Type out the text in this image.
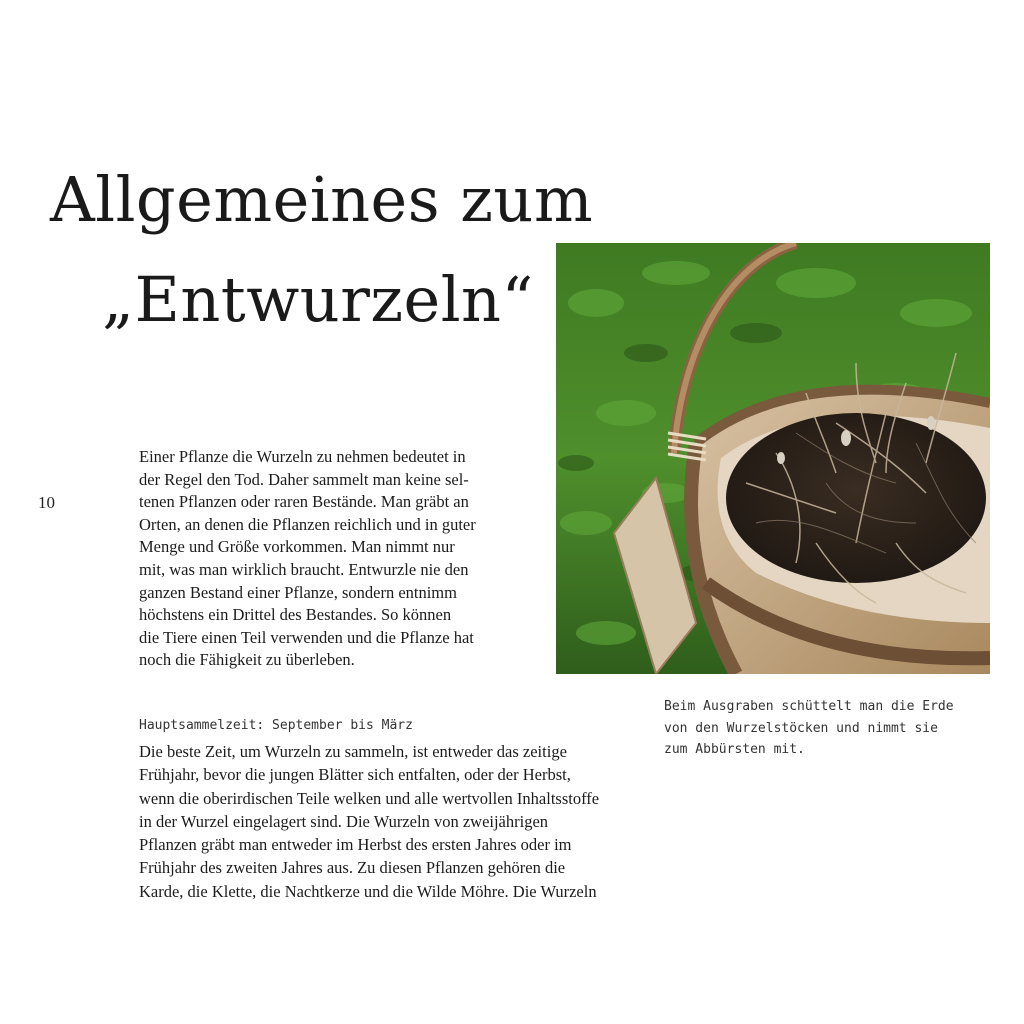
Allgemeines zum
„Entwurzeln“
10

Einer Pflanze die Wurzeln zu nehmen bedeutet in
der Regel den Tod. Daher sammelt man keine sel-
tenen Pflanzen oder raren Bestände. Man gräbt an
Orten, an denen die Pflanzen reichlich und in guter
Menge und Größe vorkommen. Man nimmt nur
mit, was man wirklich braucht. Entwurzle nie den
ganzen Bestand einer Pflanze, sondern entnimm
höchstens ein Drittel des Bestandes. So können
die Tiere einen Teil verwenden und die Pflanze hat
noch die Fähigkeit zu überleben.

Hauptsammelzeit: September bis März

Die beste Zeit, um Wurzeln zu sammeln, ist entweder das zeitige
Frühjahr, bevor die jungen Blätter sich entfalten, oder der Herbst,
wenn die oberirdischen Teile welken und alle wertvollen Inhaltsstoffe
in der Wurzel eingelagert sind. Die Wurzeln von zweijährigen
Pflanzen gräbt man entweder im Herbst des ersten Jahres oder im
Frühjahr des zweiten Jahres aus. Zu diesen Pflanzen gehören die
Karde, die Klette, die Nachtkerze und die Wilde Möhre. Die Wurzeln

Beim Ausgraben schüttelt man die Erde
von den Wurzelstöcken und nimmt sie
zum Abbürsten mit.
